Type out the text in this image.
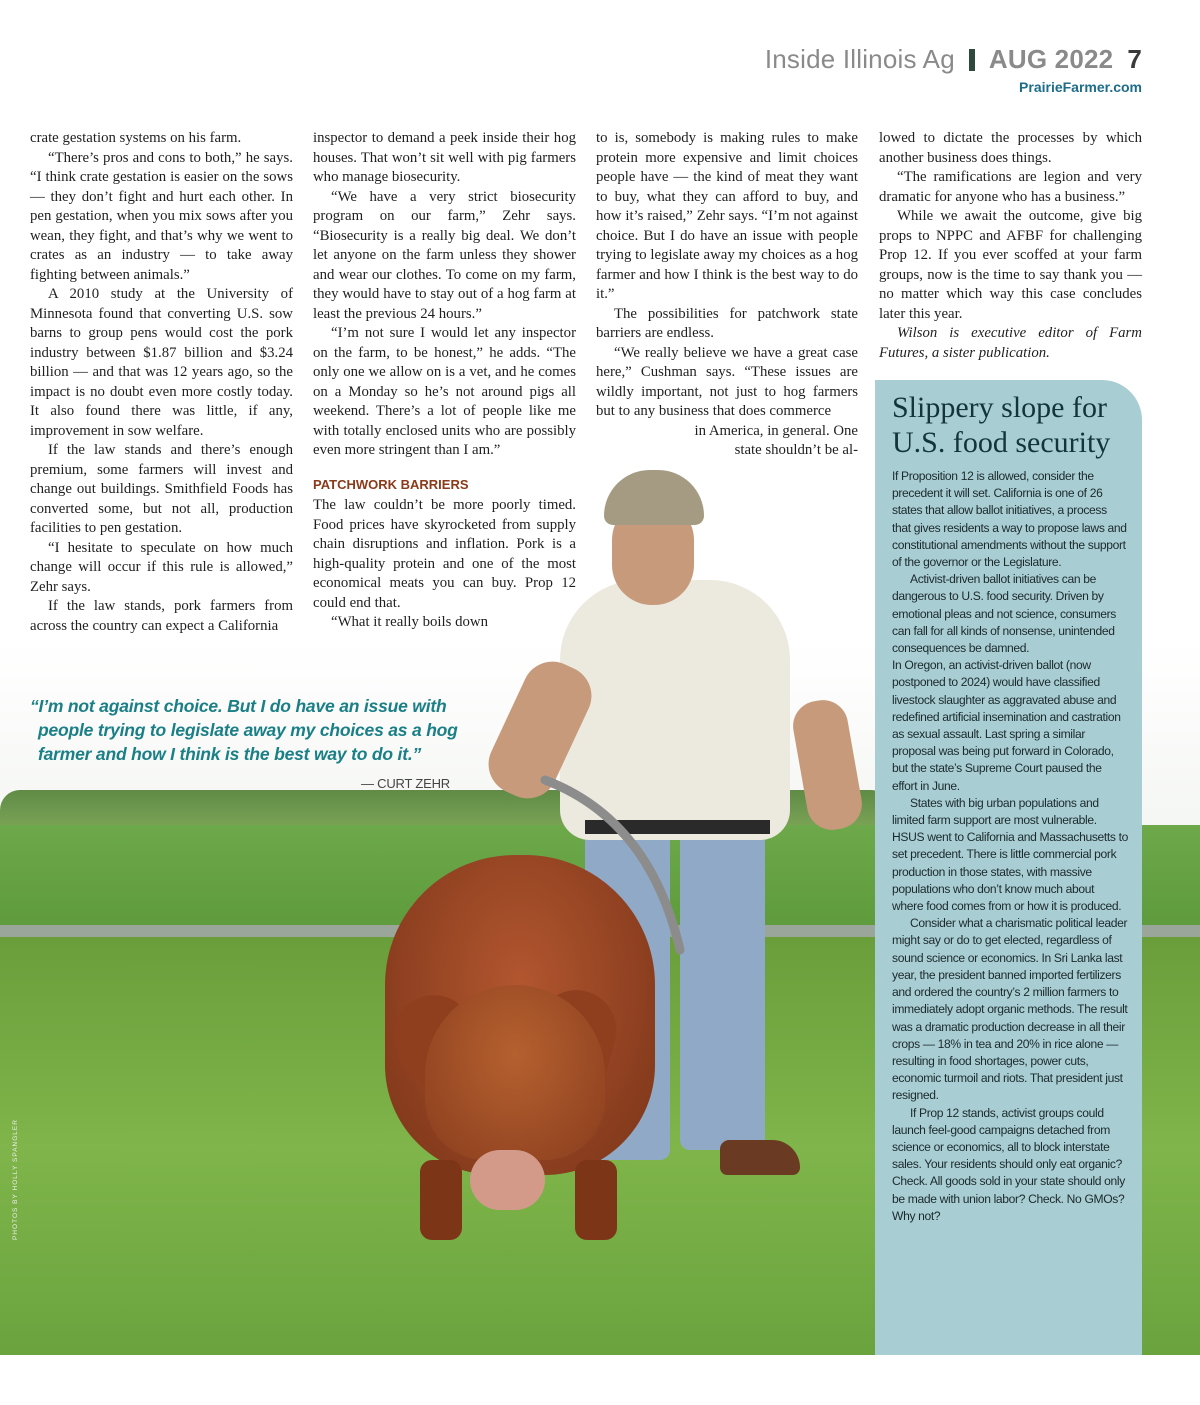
Inside Illinois Ag AUG 2022 7
PrairieFarmer.com

crate gestation systems on his farm.

“There’s pros and cons to both,” he says. “I think crate gestation is easier on the sows — they don’t fight and hurt each other. In pen gestation, when you mix sows after you wean, they fight, and that’s why we went to crates as an industry — to take away fighting between animals.”

A 2010 study at the University of Minnesota found that converting U.S. sow barns to group pens would cost the pork industry between $1.87 billion and $3.24 billion — and that was 12 years ago, so the impact is no doubt even more costly today. It also found there was little, if any, improvement in sow welfare.

If the law stands and there’s enough premium, some farmers will invest and change out buildings. Smithfield Foods has converted some, but not all, production facilities to pen gestation.

“I hesitate to speculate on how much change will occur if this rule is allowed,” Zehr says.

If the law stands, pork farmers from across the country can expect a California

inspector to demand a peek inside their hog houses. That won’t sit well with pig farmers who manage biosecurity.

“We have a very strict biosecurity program on our farm,” Zehr says. “Biosecurity is a really big deal. We don’t let anyone on the farm unless they shower and wear our clothes. To come on my farm, they would have to stay out of a hog farm at least the previous 24 hours.”

“I’m not sure I would let any inspector on the farm, to be honest,” he adds. “The only one we allow on is a vet, and he comes on a Monday so he’s not around pigs all weekend. There’s a lot of people like me with totally enclosed units who are possibly even more stringent than I am.”

PATCHWORK BARRIERS

The law couldn’t be more poorly timed. Food prices have skyrocketed from supply chain disruptions and inflation. Pork is a high-quality protein and one of the most economical meats you can buy. Prop 12 could end that.

“What it really boils down

to is, somebody is making rules to make protein more expensive and limit choices people have — the kind of meat they want to buy, what they can afford to buy, and how it’s raised,” Zehr says. “I’m not against choice. But I do have an issue with people trying to legislate away my choices as a hog farmer and how I think is the best way to do it.”

The possibilities for patchwork state barriers are endless.

“We really believe we have a great case here,” Cushman says. “These issues are wildly important, not just to hog farmers but to any business that does commerce

in America, in general. One
state shouldn’t be al-

lowed to dictate the processes by which another business does things.

“The ramifications are legion and very dramatic for anyone who has a business.”

While we await the outcome, give big props to NPPC and AFBF for challenging Prop 12. If you ever scoffed at your farm groups, now is the time to say thank you — no matter which way this case concludes later this year.

Wilson is executive editor of Farm Futures, a sister publication.

“I’m not against choice. But I do have an issue with people trying to legislate away my choices as a hog farmer and how I think is the best way to do it.”
— CURT ZEHR
PHOTOS BY HOLLY SPANGLER
Slippery slope for U.S. food security

If Proposition 12 is allowed, consider the precedent it will set. California is one of 26 states that allow ballot initiatives, a process that gives residents a way to propose laws and constitutional amendments without the support of the governor or the Legislature.

Activist-driven ballot initiatives can be dangerous to U.S. food security. Driven by emotional pleas and not science, consumers can fall for all kinds of nonsense, unintended consequences be damned.

In Oregon, an activist-driven ballot (now postponed to 2024) would have classified livestock slaughter as aggravated abuse and redefined artificial insemination and castration as sexual assault. Last spring a similar proposal was being put forward in Colorado, but the state’s Supreme Court paused the effort in June.

States with big urban populations and limited farm support are most vulnerable. HSUS went to California and Massachusetts to set precedent. There is little commercial pork production in those states, with massive populations who don’t know much about where food comes from or how it is produced.

Consider what a charismatic political leader might say or do to get elected, regardless of sound science or economics. In Sri Lanka last year, the president banned imported fertilizers and ordered the country’s 2 million farmers to immediately adopt organic methods. The result was a dramatic production decrease in all their crops — 18% in tea and 20% in rice alone — resulting in food shortages, power cuts, economic turmoil and riots. That president just resigned.

If Prop 12 stands, activist groups could launch feel-good campaigns detached from science or economics, all to block interstate sales. Your residents should only eat organic? Check. All goods sold in your state should only be made with union labor? Check. No GMOs? Why not?
